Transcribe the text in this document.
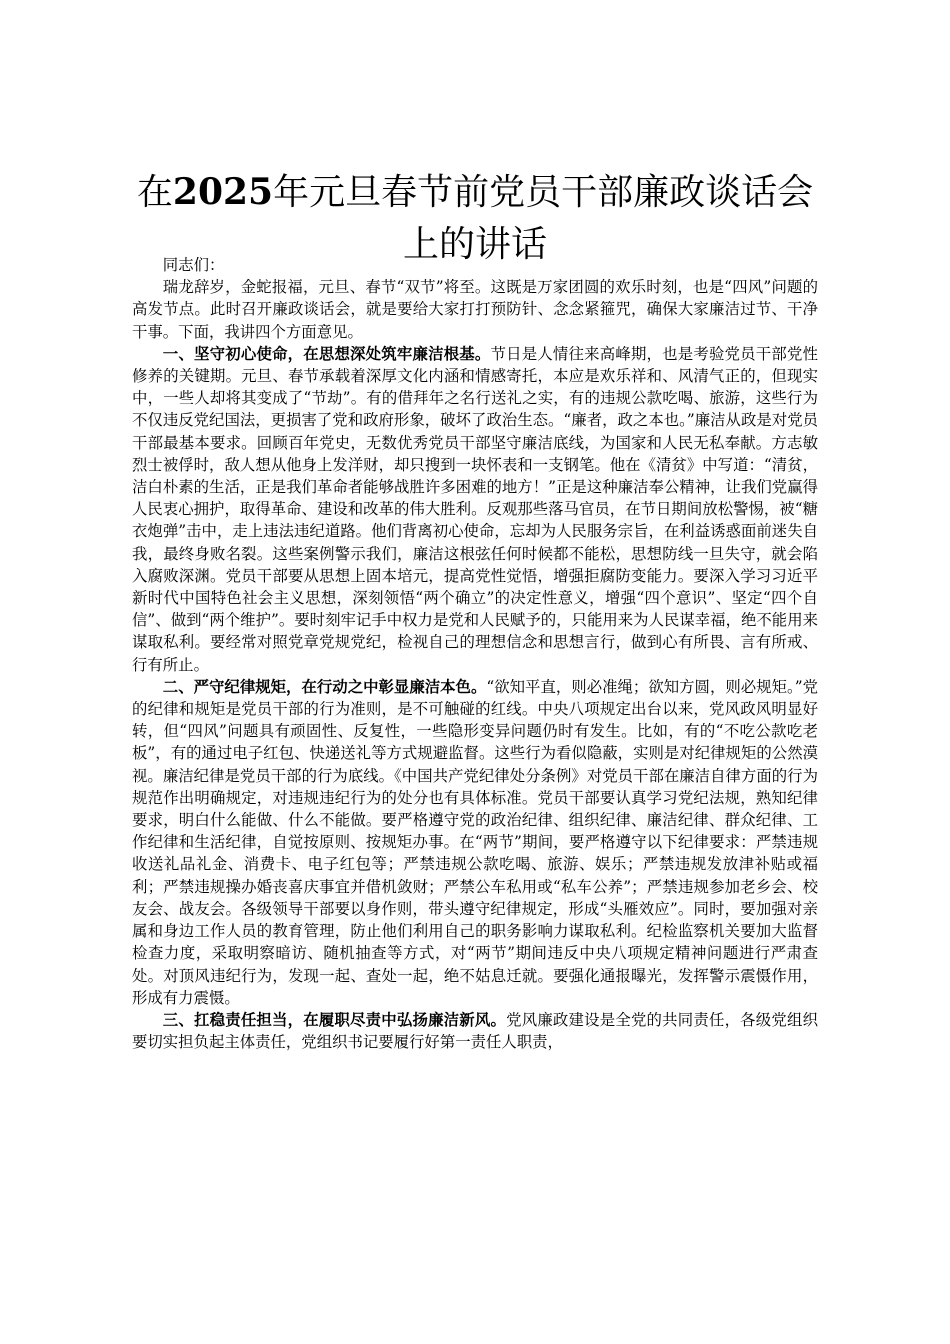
在2025年元旦春节前党员干部廉政谈话会上的讲话

同志们：

瑞龙辞岁，金蛇报福，元旦、春节“双节”将至。这既是万家团圆的欢乐时刻，也是“四风”问题的高发节点。此时召开廉政谈话会，就是要给大家打打预防针、念念紧箍咒，确保大家廉洁过节、干净干事。下面，我讲四个方面意见。

一、坚守初心使命，在思想深处筑牢廉洁根基。节日是人情往来高峰期，也是考验党员干部党性修养的关键期。元旦、春节承载着深厚文化内涵和情感寄托，本应是欢乐祥和、风清气正的，但现实中，一些人却将其变成了“节劫”。有的借拜年之名行送礼之实，有的违规公款吃喝、旅游，这些行为不仅违反党纪国法，更损害了党和政府形象，破坏了政治生态。“廉者，政之本也。”廉洁从政是对党员干部最基本要求。回顾百年党史，无数优秀党员干部坚守廉洁底线，为国家和人民无私奉献。方志敏烈士被俘时，敌人想从他身上发洋财，却只搜到一块怀表和一支钢笔。他在《清贫》中写道：“清贫，洁白朴素的生活，正是我们革命者能够战胜许多困难的地方！”正是这种廉洁奉公精神，让我们党赢得人民衷心拥护，取得革命、建设和改革的伟大胜利。反观那些落马官员，在节日期间放松警惕，被“糖衣炮弹”击中，走上违法违纪道路。他们背离初心使命，忘却为人民服务宗旨，在利益诱惑面前迷失自我，最终身败名裂。这些案例警示我们，廉洁这根弦任何时候都不能松，思想防线一旦失守，就会陷入腐败深渊。党员干部要从思想上固本培元，提高党性觉悟，增强拒腐防变能力。要深入学习习近平新时代中国特色社会主义思想，深刻领悟“两个确立”的决定性意义，增强“四个意识”、坚定“四个自信”、做到“两个维护”。要时刻牢记手中权力是党和人民赋予的，只能用来为人民谋幸福，绝不能用来谋取私利。要经常对照党章党规党纪，检视自己的理想信念和思想言行，做到心有所畏、言有所戒、行有所止。

二、严守纪律规矩，在行动之中彰显廉洁本色。“欲知平直，则必准绳；欲知方圆，则必规矩。”党的纪律和规矩是党员干部的行为准则，是不可触碰的红线。中央八项规定出台以来，党风政风明显好转，但“四风”问题具有顽固性、反复性，一些隐形变异问题仍时有发生。比如，有的“不吃公款吃老板”，有的通过电子红包、快递送礼等方式规避监督。这些行为看似隐蔽，实则是对纪律规矩的公然漠视。廉洁纪律是党员干部的行为底线。《中国共产党纪律处分条例》对党员干部在廉洁自律方面的行为规范作出明确规定，对违规违纪行为的处分也有具体标准。党员干部要认真学习党纪法规，熟知纪律要求，明白什么能做、什么不能做。要严格遵守党的政治纪律、组织纪律、廉洁纪律、群众纪律、工作纪律和生活纪律，自觉按原则、按规矩办事。在“两节”期间，要严格遵守以下纪律要求：严禁违规收送礼品礼金、消费卡、电子红包等；严禁违规公款吃喝、旅游、娱乐；严禁违规发放津补贴或福利；严禁违规操办婚丧喜庆事宜并借机敛财；严禁公车私用或“私车公养”；严禁违规参加老乡会、校友会、战友会。各级领导干部要以身作则，带头遵守纪律规定，形成“头雁效应”。同时，要加强对亲属和身边工作人员的教育管理，防止他们利用自己的职务影响力谋取私利。纪检监察机关要加大监督检查力度，采取明察暗访、随机抽查等方式，对“两节”期间违反中央八项规定精神问题进行严肃查处。对顶风违纪行为，发现一起、查处一起，绝不姑息迁就。要强化通报曝光，发挥警示震慑作用，形成有力震慑。

三、扛稳责任担当，在履职尽责中弘扬廉洁新风。党风廉政建设是全党的共同责任，各级党组织要切实担负起主体责任，党组织书记要履行好第一责任人职责，
